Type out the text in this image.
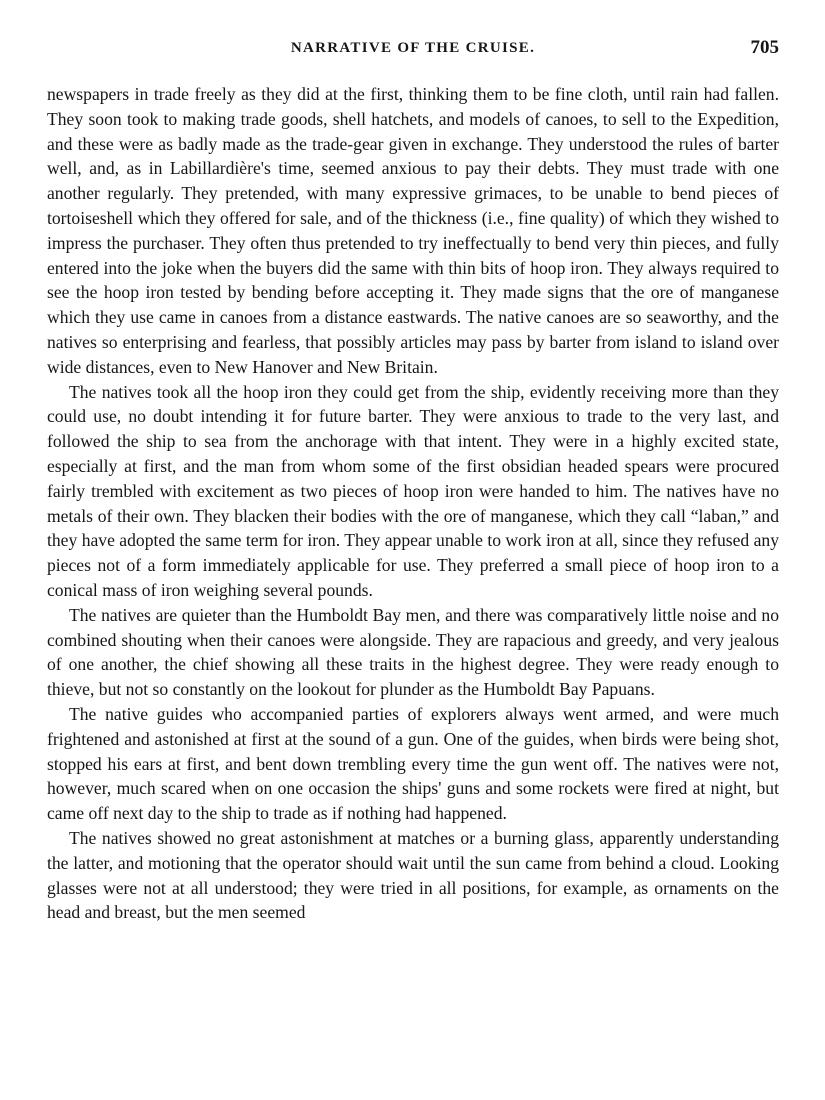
NARRATIVE OF THE CRUISE.	705

newspapers in trade freely as they did at the first, thinking them to be fine cloth, until rain had fallen. They soon took to making trade goods, shell hatchets, and models of canoes, to sell to the Expedition, and these were as badly made as the trade-gear given in exchange. They understood the rules of barter well, and, as in Labillardière's time, seemed anxious to pay their debts. They must trade with one another regularly. They pretended, with many expressive grimaces, to be unable to bend pieces of tortoiseshell which they offered for sale, and of the thickness (i.e., fine quality) of which they wished to impress the purchaser. They often thus pretended to try ineffectually to bend very thin pieces, and fully entered into the joke when the buyers did the same with thin bits of hoop iron. They always required to see the hoop iron tested by bending before accepting it. They made signs that the ore of manganese which they use came in canoes from a distance eastwards. The native canoes are so seaworthy, and the natives so enterprising and fearless, that possibly articles may pass by barter from island to island over wide distances, even to New Hanover and New Britain.

The natives took all the hoop iron they could get from the ship, evidently receiving more than they could use, no doubt intending it for future barter. They were anxious to trade to the very last, and followed the ship to sea from the anchorage with that intent. They were in a highly excited state, especially at first, and the man from whom some of the first obsidian headed spears were procured fairly trembled with excitement as two pieces of hoop iron were handed to him. The natives have no metals of their own. They blacken their bodies with the ore of manganese, which they call “laban,” and they have adopted the same term for iron. They appear unable to work iron at all, since they refused any pieces not of a form immediately applicable for use. They preferred a small piece of hoop iron to a conical mass of iron weighing several pounds.

The natives are quieter than the Humboldt Bay men, and there was comparatively little noise and no combined shouting when their canoes were alongside. They are rapacious and greedy, and very jealous of one another, the chief showing all these traits in the highest degree. They were ready enough to thieve, but not so constantly on the lookout for plunder as the Humboldt Bay Papuans.

The native guides who accompanied parties of explorers always went armed, and were much frightened and astonished at first at the sound of a gun. One of the guides, when birds were being shot, stopped his ears at first, and bent down trembling every time the gun went off. The natives were not, however, much scared when on one occasion the ships' guns and some rockets were fired at night, but came off next day to the ship to trade as if nothing had happened.

The natives showed no great astonishment at matches or a burning glass, apparently understanding the latter, and motioning that the operator should wait until the sun came from behind a cloud. Looking glasses were not at all understood; they were tried in all positions, for example, as ornaments on the head and breast, but the men seemed
